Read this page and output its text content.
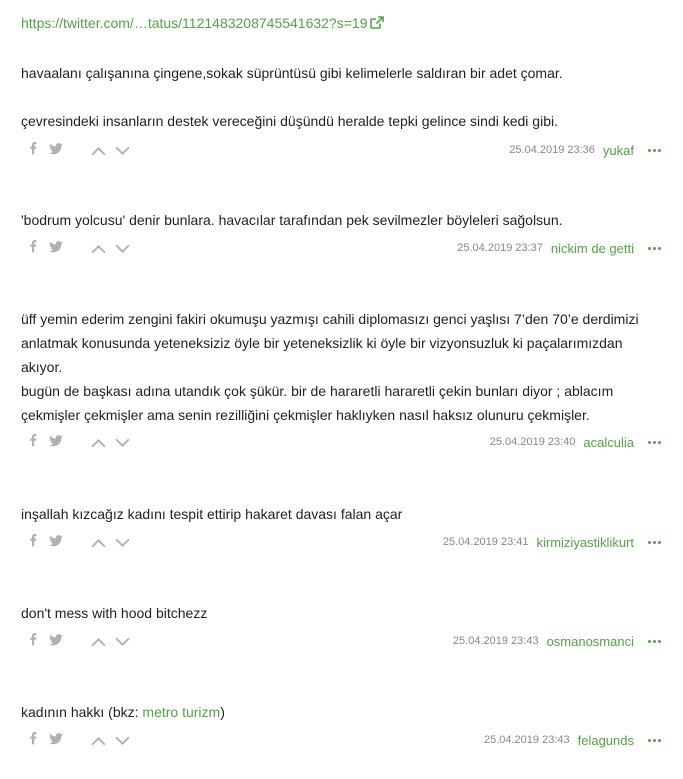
https://twitter.com/…tatus/1121483208745541632?s=19

havaalanı çalışanına çingene,sokak süprüntüsü gibi kelimelerle saldıran bir adet çomar.

çevresindeki insanların destek vereceğini düşündü heralde tepki gelince sindi kedi gibi.

25.04.2019 23:36 yukaf

'bodrum yolcusu' denir bunlara. havacılar tarafından pek sevilmezler böyleleri sağolsun.

25.04.2019 23:37 nickim de getti

üff yemin ederim zengini fakiri okumuşu yazmışı cahili diplomasızı genci yaşlısı 7’den 70’e derdimizi anlatmak konusunda yeteneksiziz öyle bir yeteneksizlik ki öyle bir vizyonsuzluk ki paçalarımızdan akıyor.

bugün de başkası adına utandık çok şükür. bir de hararetli hararetli çekin bunları diyor ; ablacım çekmişler çekmişler ama senin rezilliğini çekmişler haklıyken nasıl haksız olunuru çekmişler.

25.04.2019 23:40 acalculia

inşallah kızcağız kadını tespit ettirip hakaret davası falan açar

25.04.2019 23:41 kirmiziyastiklikurt

don't mess with hood bitchezz

25.04.2019 23:43 osmanosmanci

kadının hakkı (bkz: metro turizm)

25.04.2019 23:43 felagunds
